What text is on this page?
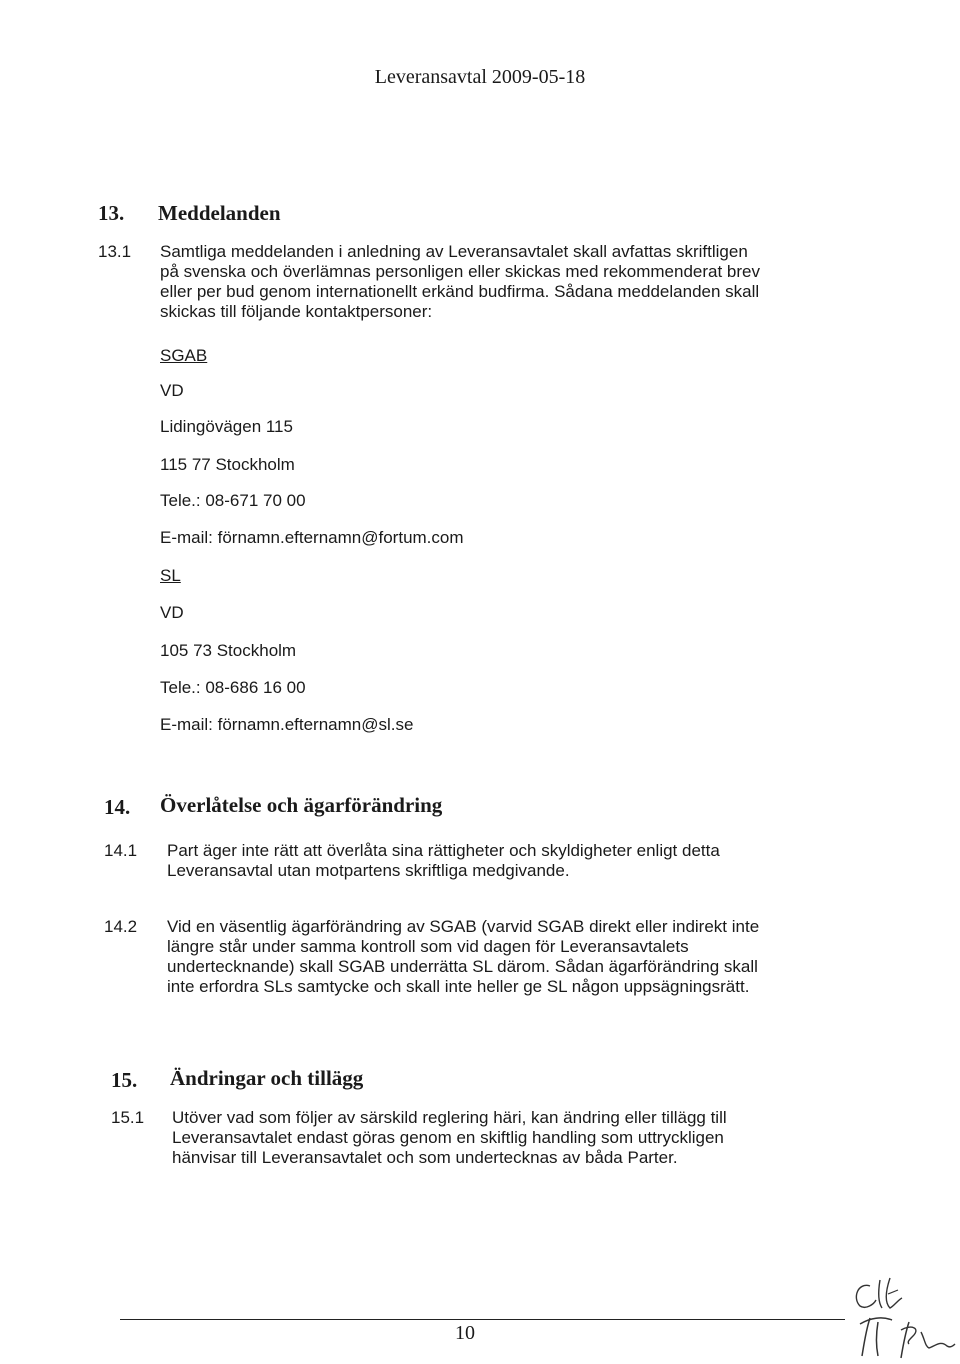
Leveransavtal 2009-05-18
13. Meddelanden
13.1 Samtliga meddelanden i anledning av Leveransavtalet skall avfattas skriftligen
på svenska och överlämnas personligen eller skickas med rekommenderat brev
eller per bud genom internationellt erkänd budfirma. Sådana meddelanden skall
skickas till följande kontaktpersoner:
SGAB
VD
Lidingövägen 115
115 77 Stockholm
Tele.: 08-671 70 00
E-mail: förnamn.efternamn@fortum.com
SL
VD
105 73 Stockholm
Tele.: 08-686 16 00
E-mail: förnamn.efternamn@sl.se
14. Överlåtelse och ägarförändring
14.1 Part äger inte rätt att överlåta sina rättigheter och skyldigheter enligt detta
Leveransavtal utan motpartens skriftliga medgivande.
14.2 Vid en väsentlig ägarförändring av SGAB (varvid SGAB direkt eller indirekt inte
längre står under samma kontroll som vid dagen för Leveransavtalets
undertecknande) skall SGAB underrätta SL därom. Sådan ägarförändring skall
inte erfordra SLs samtycke och skall inte heller ge SL någon uppsägningsrätt.
15. Ändringar och tillägg
15.1 Utöver vad som följer av särskild reglering häri, kan ändring eller tillägg till
Leveransavtalet endast göras genom en skiftlig handling som uttryckligen
hänvisar till Leveransavtalet och som undertecknas av båda Parter.
10
